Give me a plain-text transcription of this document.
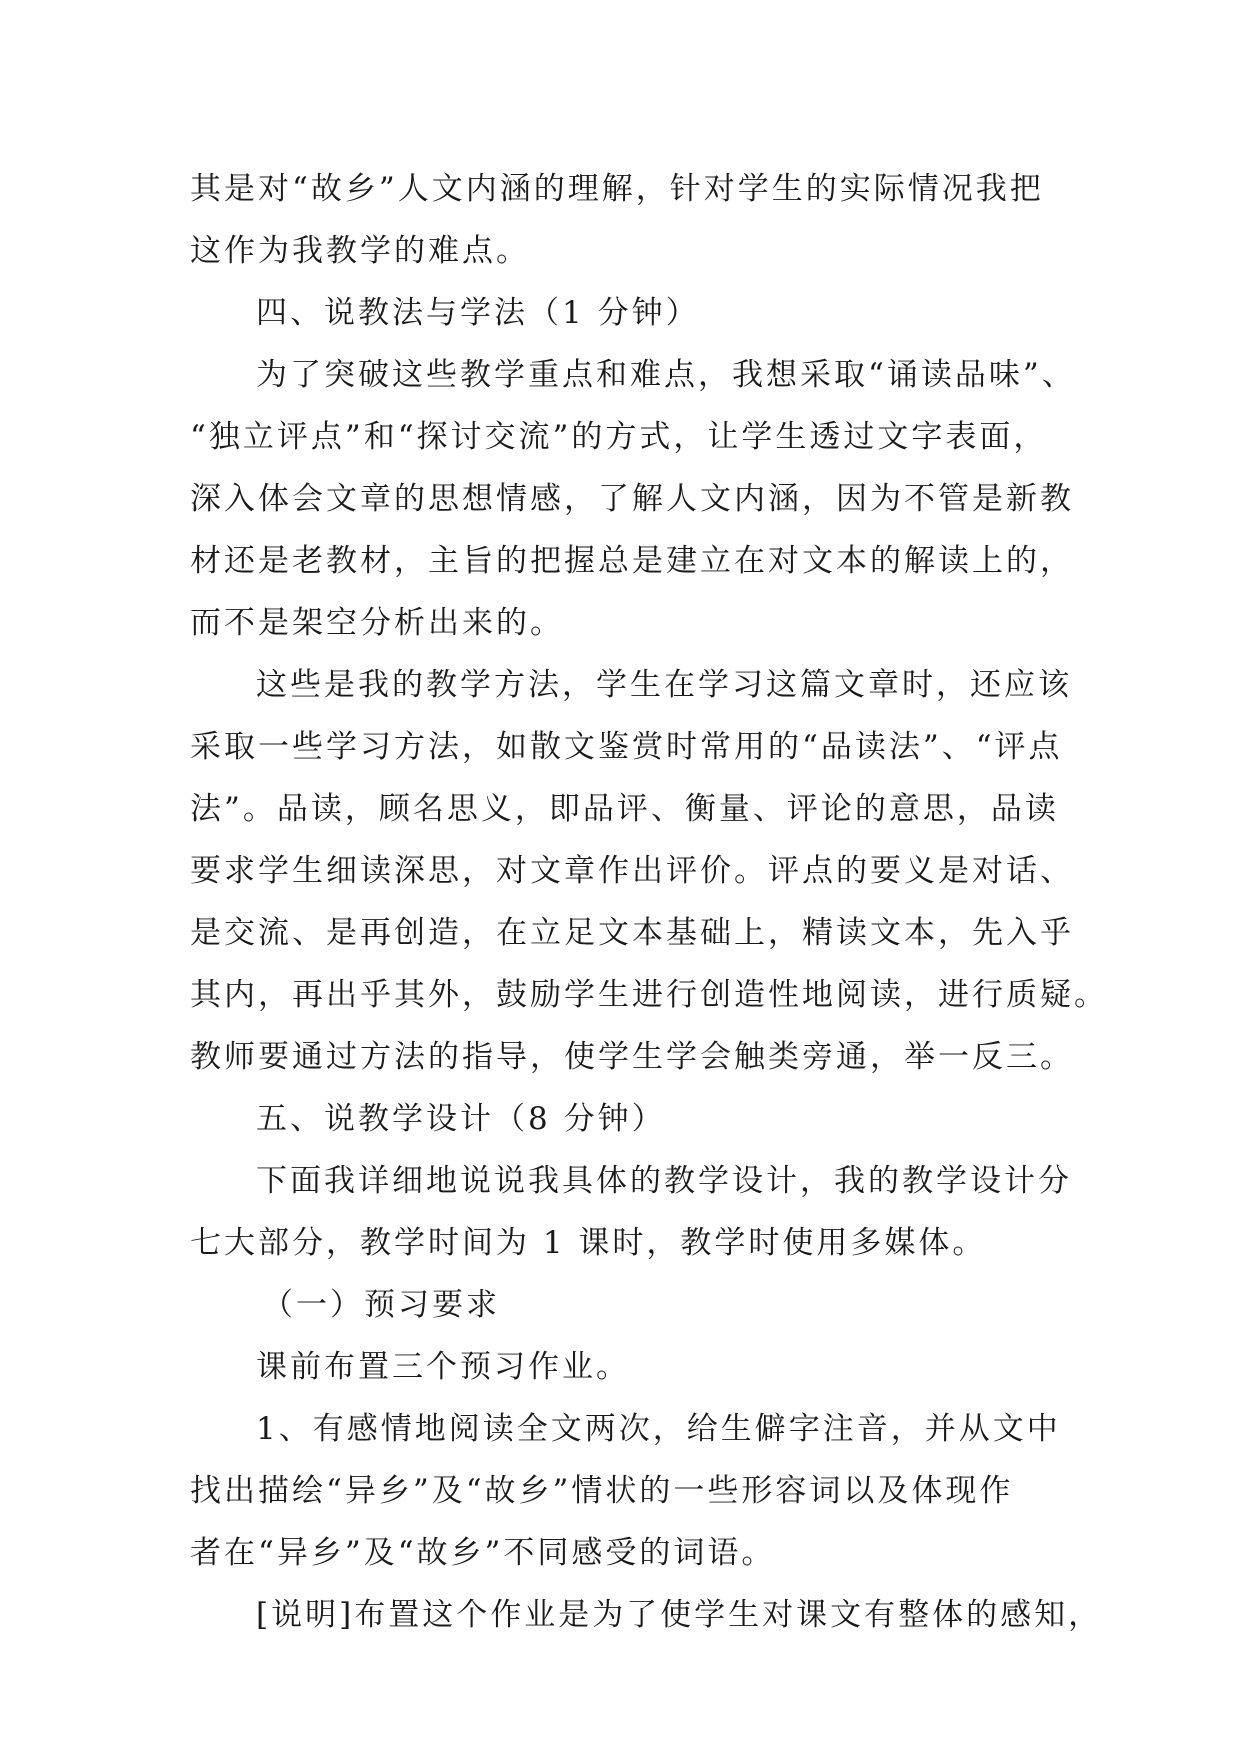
其是对“故乡”人文内涵的理解，针对学生的实际情况我把
这作为我教学的难点。
四、说教法与学法（1 分钟）
为了突破这些教学重点和难点，我想采取“诵读品味”、
“独立评点”和“探讨交流”的方式，让学生透过文字表面，
深入体会文章的思想情感，了解人文内涵，因为不管是新教
材还是老教材，主旨的把握总是建立在对文本的解读上的，
而不是架空分析出来的。
这些是我的教学方法，学生在学习这篇文章时，还应该
采取一些学习方法，如散文鉴赏时常用的“品读法”、“评点
法”。品读，顾名思义，即品评、衡量、评论的意思，品读
要求学生细读深思，对文章作出评价。评点的要义是对话、
是交流、是再创造，在立足文本基础上，精读文本，先入乎
其内，再出乎其外，鼓励学生进行创造性地阅读，进行质疑。
教师要通过方法的指导，使学生学会触类旁通，举一反三。
五、说教学设计（8 分钟）
下面我详细地说说我具体的教学设计，我的教学设计分
七大部分，教学时间为 1 课时，教学时使用多媒体。
（一）预习要求
课前布置三个预习作业。
1、有感情地阅读全文两次，给生僻字注音，并从文中
找出描绘“异乡”及“故乡”情状的一些形容词以及体现作
者在“异乡”及“故乡”不同感受的词语。
[说明]布置这个作业是为了使学生对课文有整体的感知，
